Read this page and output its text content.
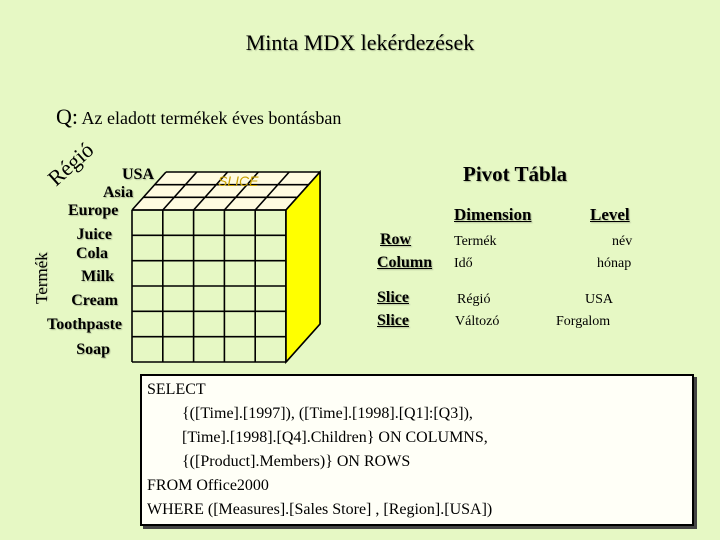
Minta MDX lekérdezések
Q: Az eladott termékek éves bontásban
Termék
Régió USA
Asia
Europe
Juice
Cola
Milk
Cream
Toothpaste
Soap
SLICE	Pivot Tábla
Dimension	Level
Row	Termék	név
Column Idő	hónap
Slice	Régió	USA
Slice	Változó	Forgalom
SELECT
{([Time].[1997]), ([Time].[1998].[Q1]:[Q3]),
[Time].[1998].[Q4].Children} ON COLUMNS,
{([Product].Members)} ON ROWS
FROM Office2000
WHERE ([Measures].[Sales Store] , [Region].[USA])
